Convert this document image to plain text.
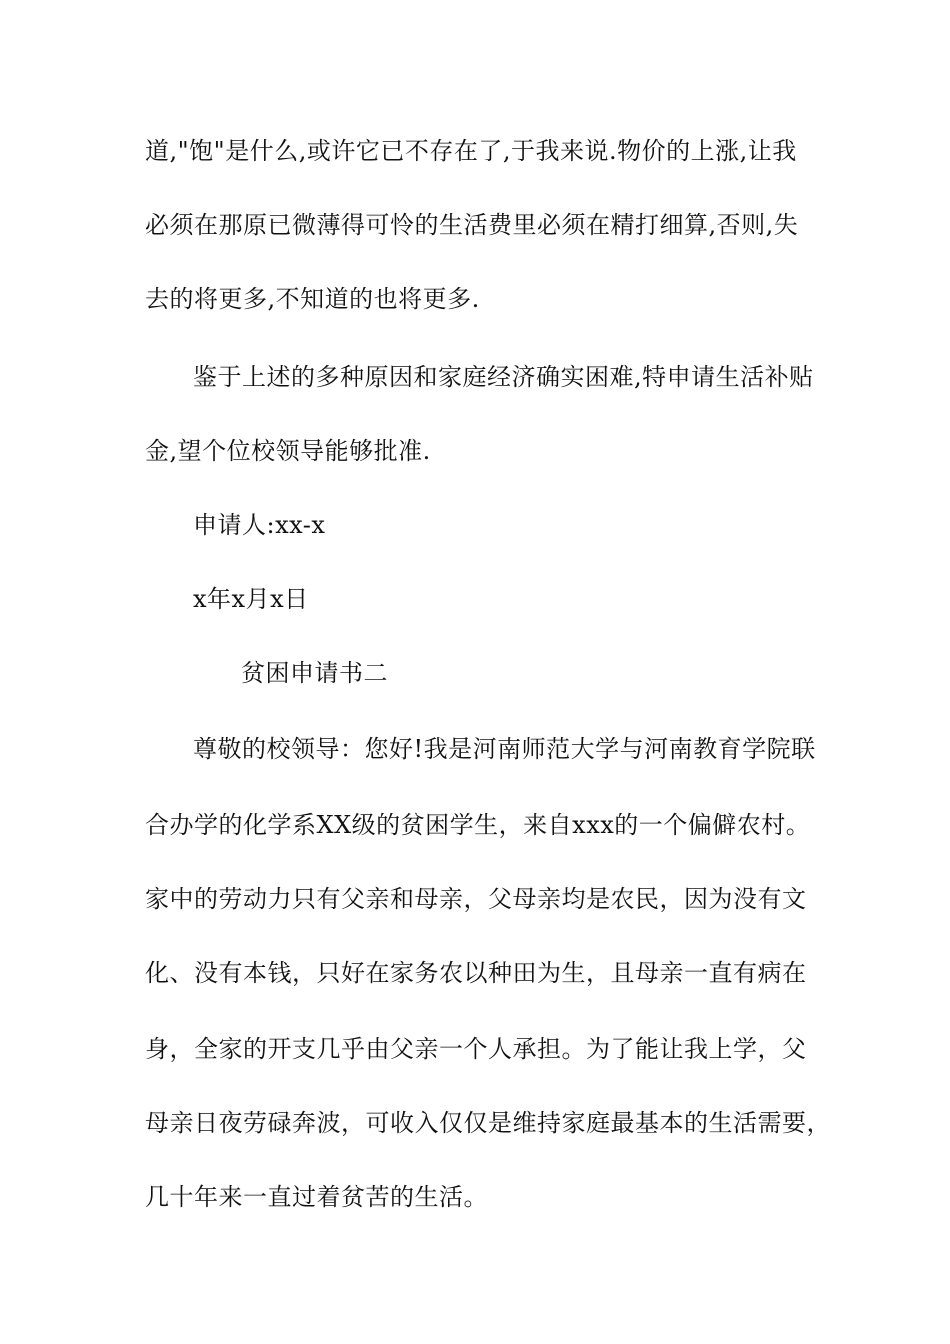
道,"饱"是什么,或许它已不存在了,于我来说.物价的上涨,让我
必须在那原已微薄得可怜的生活费里必须在精打细算,否则,失
去的将更多,不知道的也将更多.
鉴于上述的多种原因和家庭经济确实困难,特申请生活补贴
金,望个位校领导能够批准.
申请人:xx-x
x年x月x日
贫困申请书二
尊敬的校领导：您好!我是河南师范大学与河南教育学院联
合办学的化学系XX级的贫困学生，来自xxx的一个偏僻农村。
家中的劳动力只有父亲和母亲，父母亲均是农民，因为没有文
化、没有本钱，只好在家务农以种田为生，且母亲一直有病在
身，全家的开支几乎由父亲一个人承担。为了能让我上学，父
母亲日夜劳碌奔波，可收入仅仅是维持家庭最基本的生活需要，
几十年来一直过着贫苦的生活。
